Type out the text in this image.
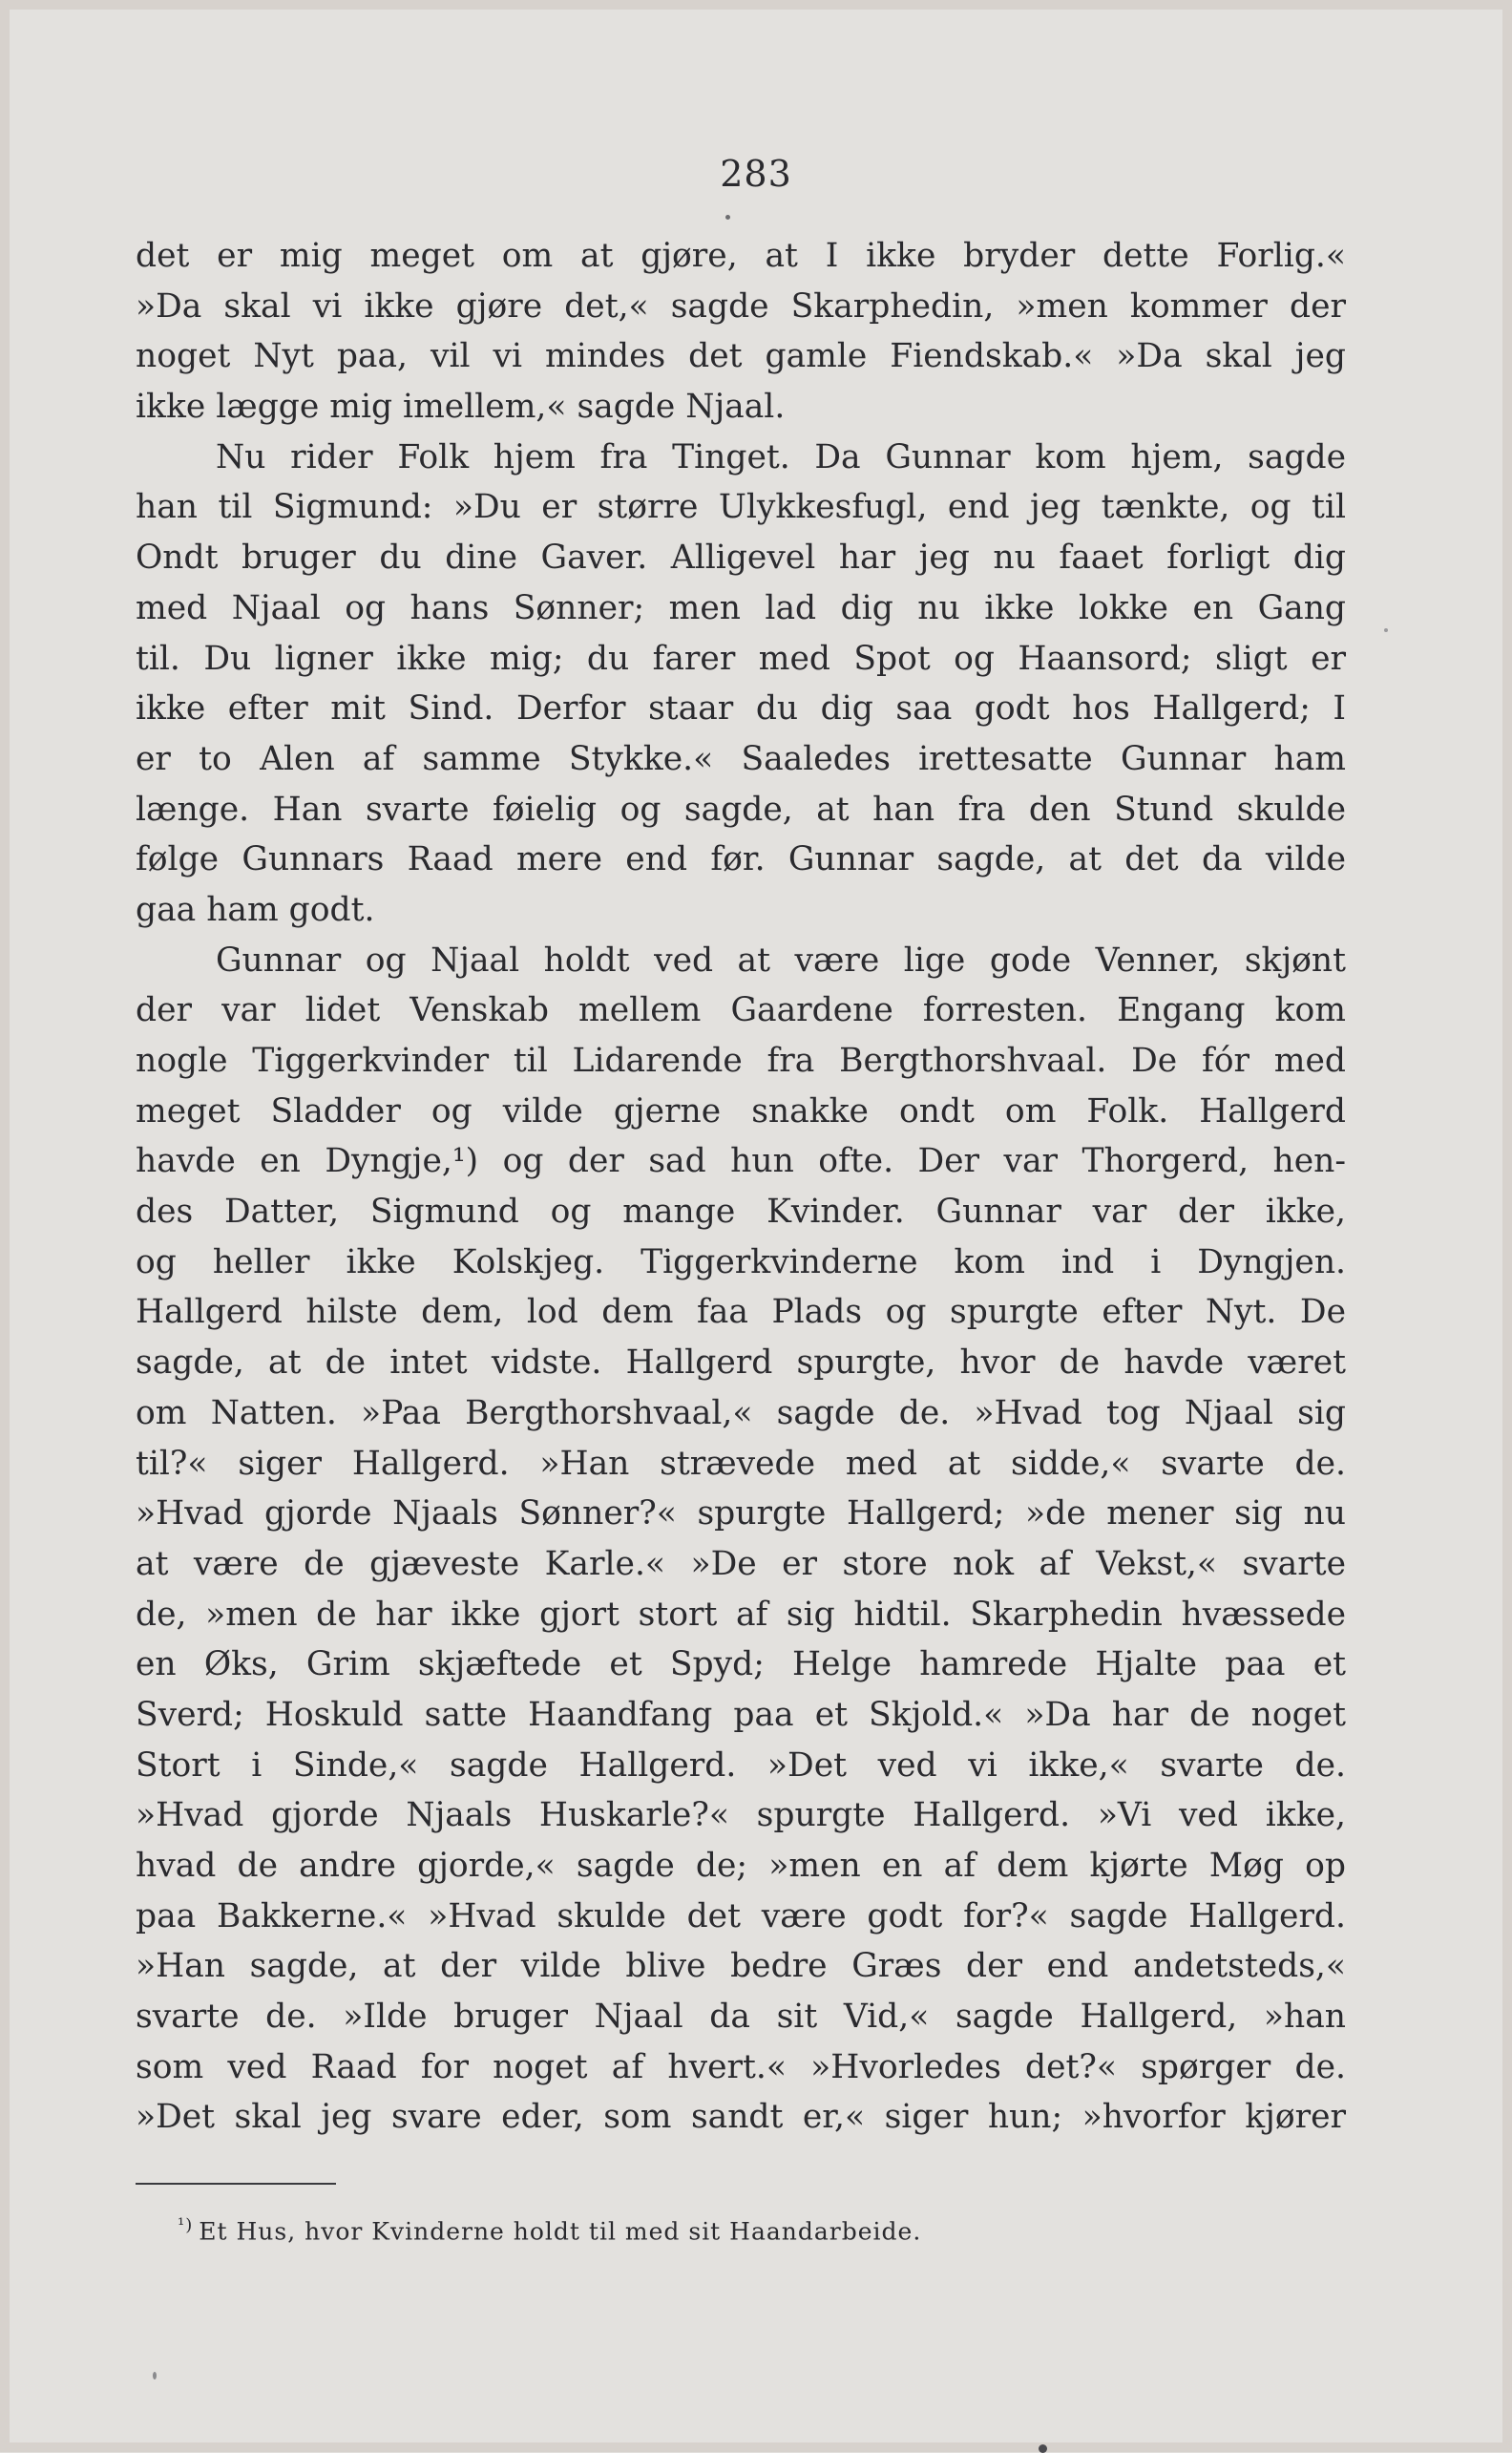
283
det er mig meget om at gjøre, at I ikke bryder dette Forlig.«
»Da skal vi ikke gjøre det,« sagde Skarphedin, »men kommer der
noget Nyt paa, vil vi mindes det gamle Fiendskab.« »Da skal jeg
ikke lægge mig imellem,« sagde Njaal.
Nu rider Folk hjem fra Tinget. Da Gunnar kom hjem, sagde
han til Sigmund: »Du er større Ulykkesfugl, end jeg tænkte, og til
Ondt bruger du dine Gaver. Alligevel har jeg nu faaet forligt dig
med Njaal og hans Sønner; men lad dig nu ikke lokke en Gang
til. Du ligner ikke mig; du farer med Spot og Haansord; sligt er
ikke efter mit Sind. Derfor staar du dig saa godt hos Hallgerd; I
er to Alen af samme Stykke.« Saaledes irettesatte Gunnar ham
længe. Han svarte føielig og sagde, at han fra den Stund skulde
følge Gunnars Raad mere end før. Gunnar sagde, at det da vilde
gaa ham godt.
Gunnar og Njaal holdt ved at være lige gode Venner, skjønt
der var lidet Venskab mellem Gaardene forresten. Engang kom
nogle Tiggerkvinder til Lidarende fra Bergthorshvaal. De fór med
meget Sladder og vilde gjerne snakke ondt om Folk. Hallgerd
havde en Dyngje,¹) og der sad hun ofte. Der var Thorgerd, hen-
des Datter, Sigmund og mange Kvinder. Gunnar var der ikke,
og heller ikke Kolskjeg. Tiggerkvinderne kom ind i Dyngjen.
Hallgerd hilste dem, lod dem faa Plads og spurgte efter Nyt. De
sagde, at de intet vidste. Hallgerd spurgte, hvor de havde været
om Natten. »Paa Bergthorshvaal,« sagde de. »Hvad tog Njaal sig
til?« siger Hallgerd. »Han strævede med at sidde,« svarte de.
»Hvad gjorde Njaals Sønner?« spurgte Hallgerd; »de mener sig nu
at være de gjæveste Karle.« »De er store nok af Vekst,« svarte
de, »men de har ikke gjort stort af sig hidtil. Skarphedin hvæssede
en Øks, Grim skjæftede et Spyd; Helge hamrede Hjalte paa et
Sverd; Hoskuld satte Haandfang paa et Skjold.« »Da har de noget
Stort i Sinde,« sagde Hallgerd. »Det ved vi ikke,« svarte de.
»Hvad gjorde Njaals Huskarle?« spurgte Hallgerd. »Vi ved ikke,
hvad de andre gjorde,« sagde de; »men en af dem kjørte Møg op
paa Bakkerne.« »Hvad skulde det være godt for?« sagde Hallgerd.
»Han sagde, at der vilde blive bedre Græs der end andetsteds,«
svarte de. »Ilde bruger Njaal da sit Vid,« sagde Hallgerd, »han
som ved Raad for noget af hvert.« »Hvorledes det?« spørger de.
»Det skal jeg svare eder, som sandt er,« siger hun; »hvorfor kjører
$^{^1)}$ Et Hus, hvor Kvinderne holdt til med sit Haandarbeide.
